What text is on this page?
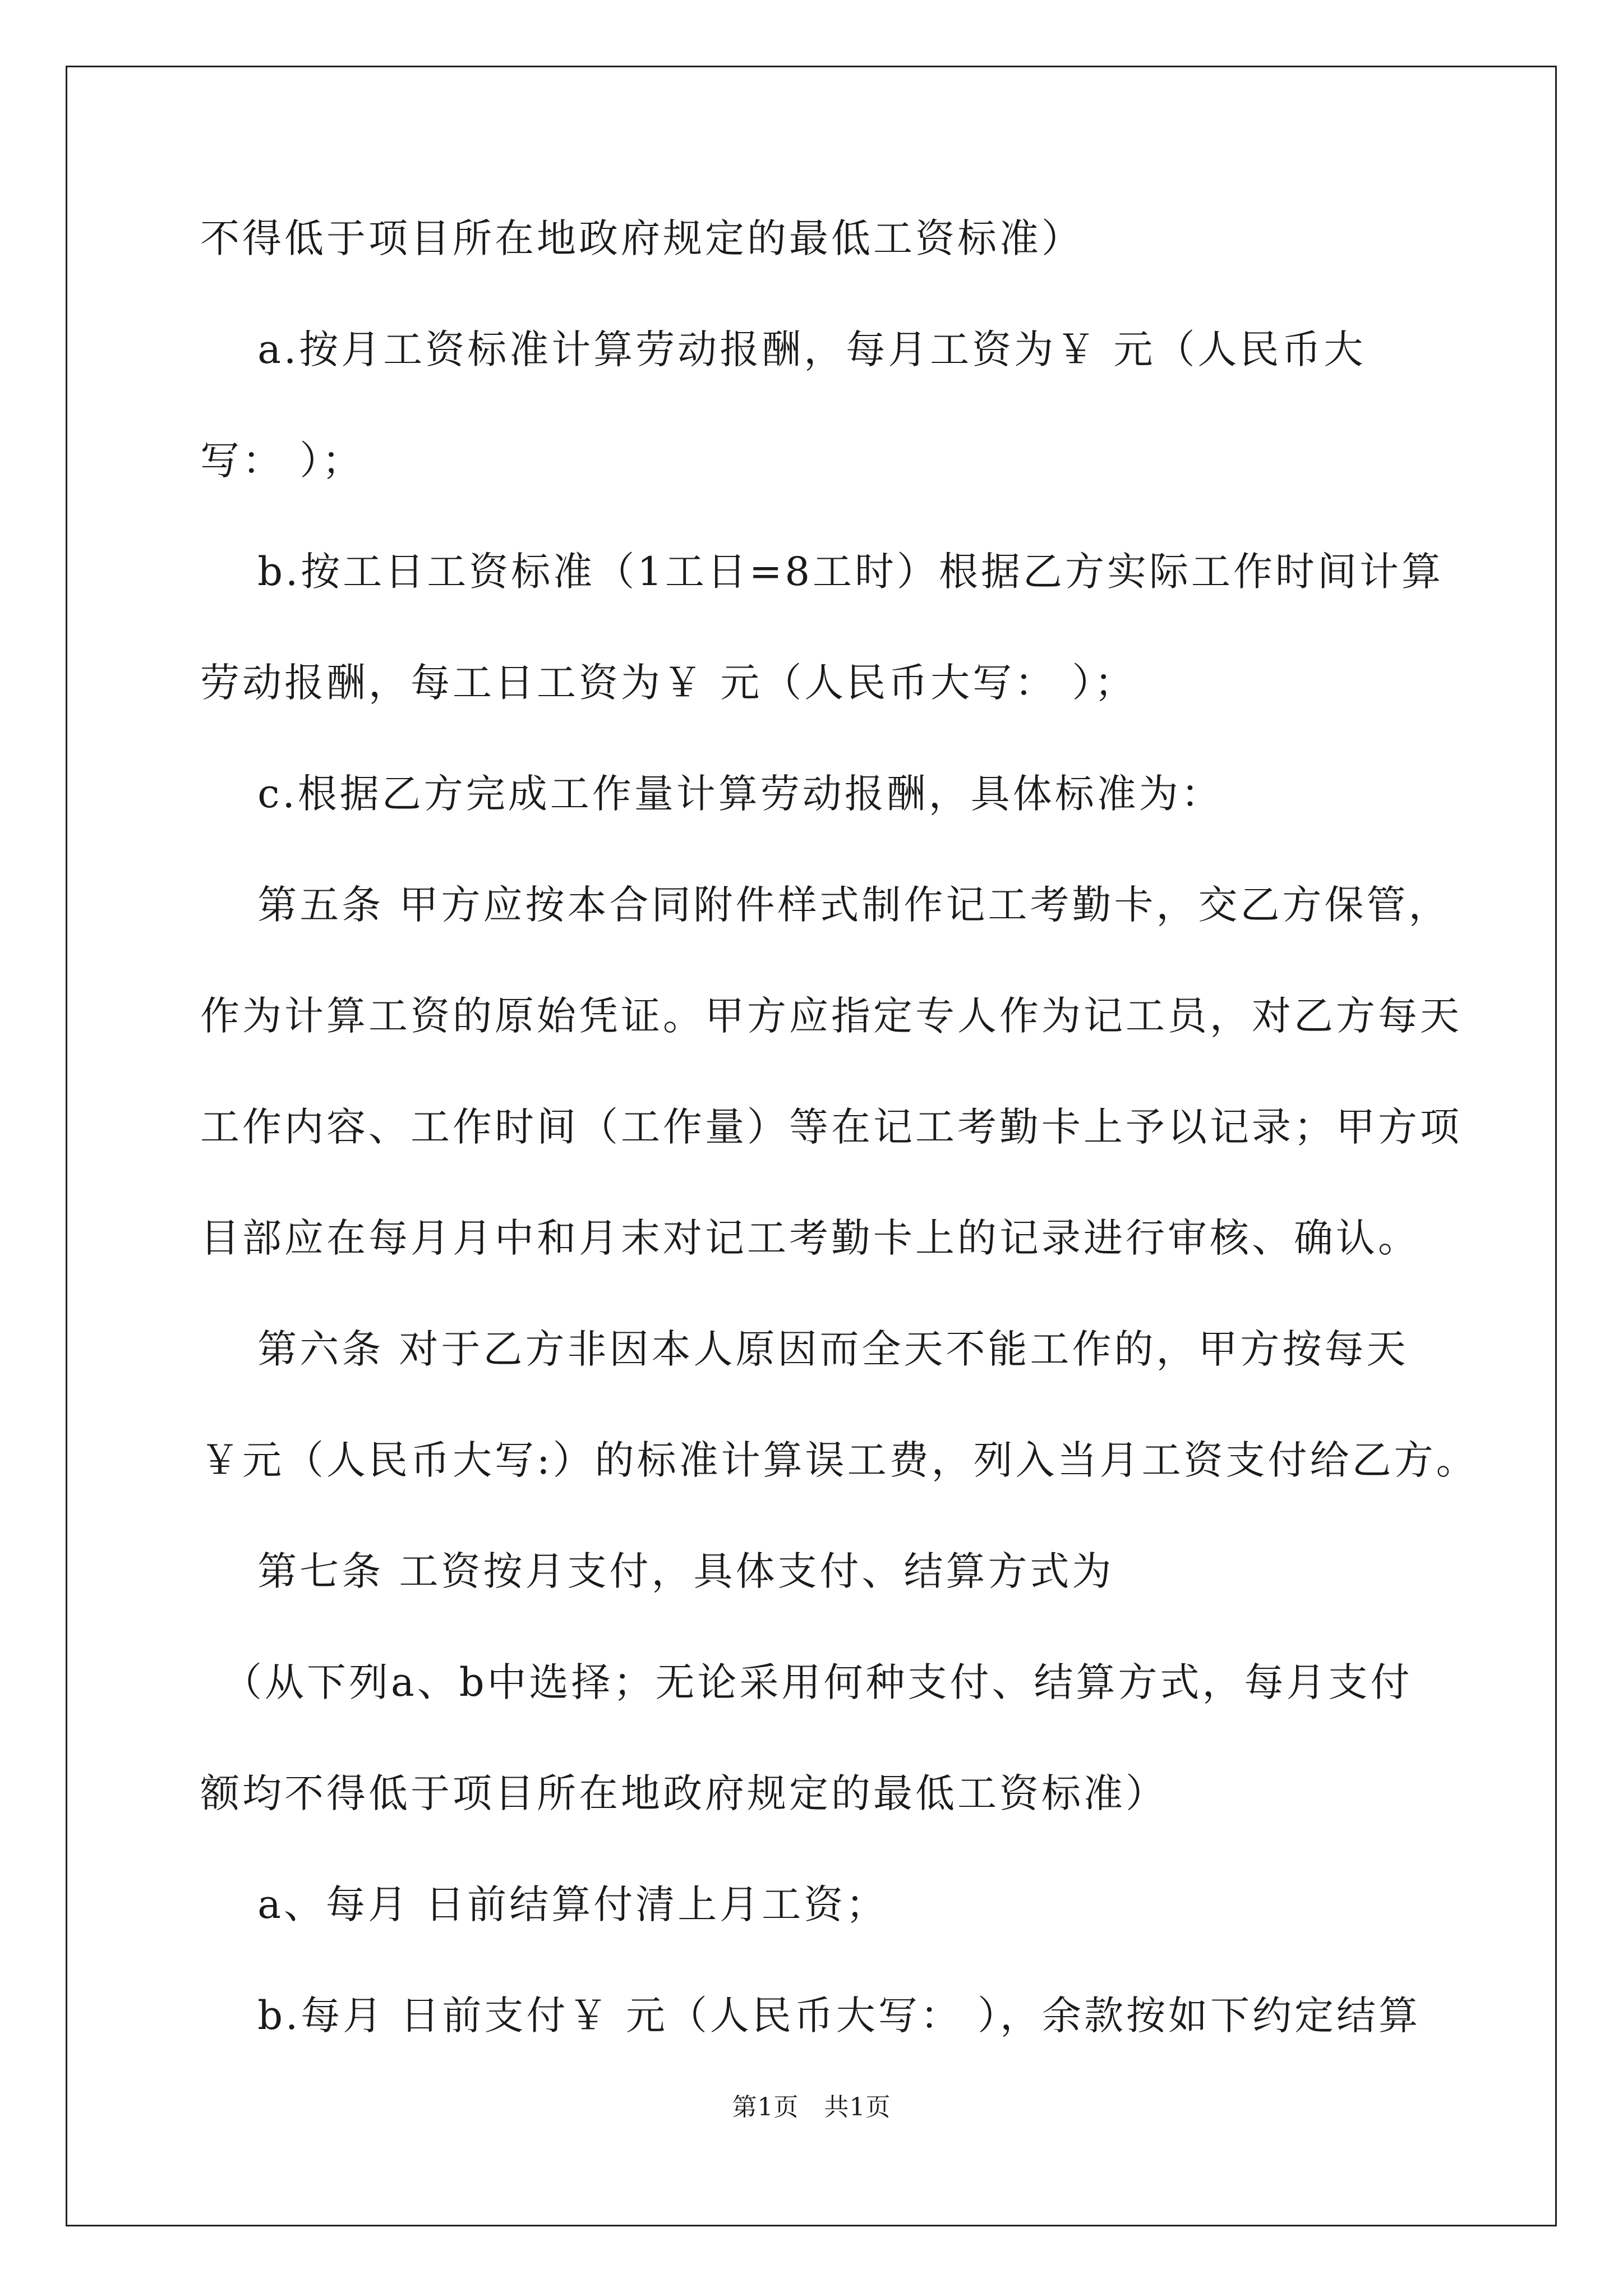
不得低于项目所在地政府规定的最低工资标准）
　 a.按月工资标准计算劳动报酬，每月工资为￥ 元（人民币大
写： ）；
　 b.按工日工资标准（1工日=8工时）根据乙方实际工作时间计算
劳动报酬，每工日工资为￥ 元（人民币大写： ）；
　 c.根据乙方完成工作量计算劳动报酬，具体标准为：
　 第五条 甲方应按本合同附件样式制作记工考勤卡，交乙方保管，
作为计算工资的原始凭证。甲方应指定专人作为记工员，对乙方每天
工作内容、工作时间（工作量）等在记工考勤卡上予以记录；甲方项
目部应在每月月中和月末对记工考勤卡上的记录进行审核、确认。
　 第六条 对于乙方非因本人原因而全天不能工作的，甲方按每天
￥元（人民币大写:）的标准计算误工费，列入当月工资支付给乙方。
　 第七条 工资按月支付，具体支付、结算方式为
　（从下列a、b中选择；无论采用何种支付、结算方式，每月支付
额均不得低于项目所在地政府规定的最低工资标准）
　 a、每月 日前结算付清上月工资；
　 b.每月 日前支付￥ 元（人民币大写： ），余款按如下约定结算
第1页　共1页
